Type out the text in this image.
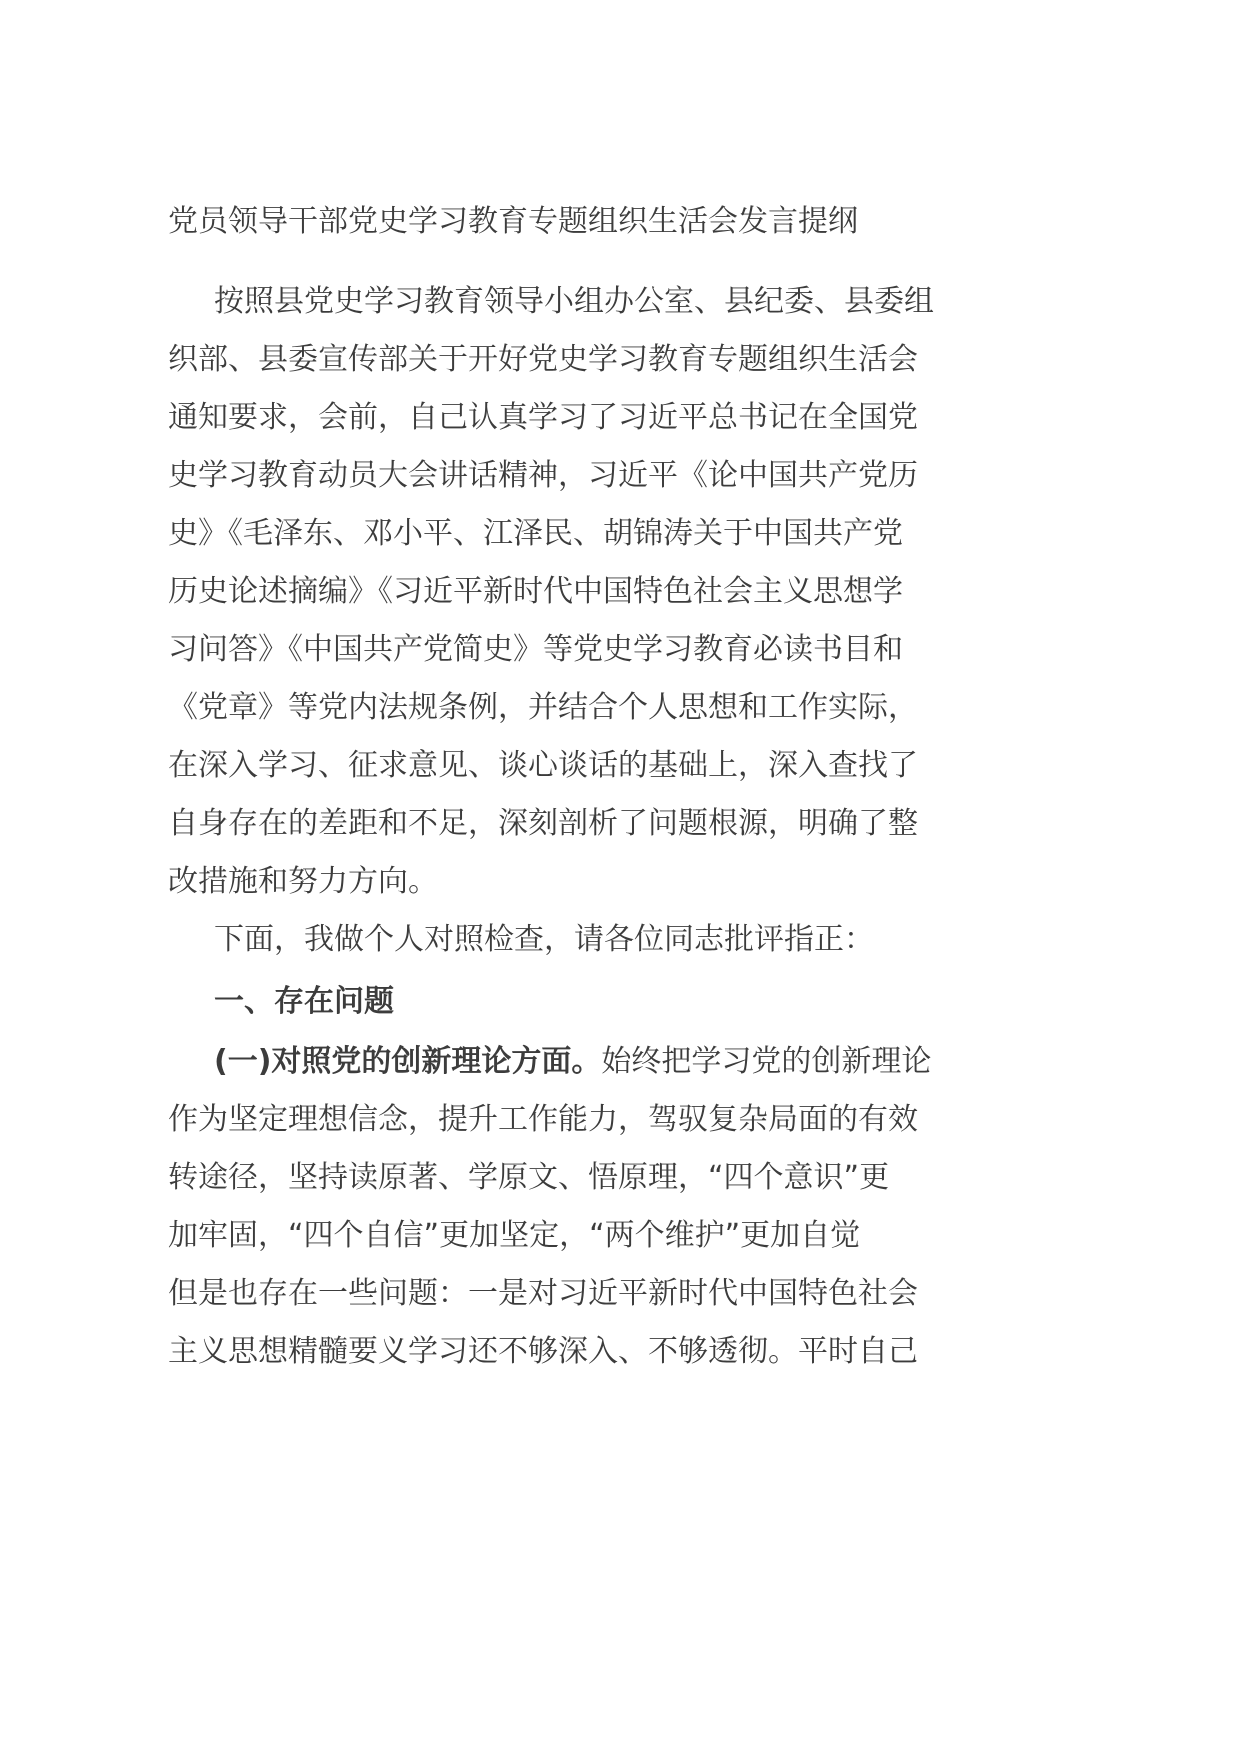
党员领导干部党史学习教育专题组织生活会发言提纲
按照县党史学习教育领导小组办公室、县纪委、县委组
织部、县委宣传部关于开好党史学习教育专题组织生活会
通知要求，会前，自己认真学习了习近平总书记在全国党
史学习教育动员大会讲话精神，习近平《论中国共产党历
史》《毛泽东、邓小平、江泽民、胡锦涛关于中国共产党
历史论述摘编》《习近平新时代中国特色社会主义思想学
习问答》《中国共产党简史》等党史学习教育必读书目和
《党章》等党内法规条例，并结合个人思想和工作实际，
在深入学习、征求意见、谈心谈话的基础上，深入查找了
自身存在的差距和不足，深刻剖析了问题根源，明确了整
改措施和努力方向。
下面，我做个人对照检查，请各位同志批评指正：
一、存在问题
(一)对照党的创新理论方面。始终把学习党的创新理论
作为坚定理想信念，提升工作能力，驾驭复杂局面的有效
转途径，坚持读原著、学原文、悟原理，“四个意识”更
加牢固，“四个自信”更加坚定，“两个维护”更加自觉
但是也存在一些问题：一是对习近平新时代中国特色社会
主义思想精髓要义学习还不够深入、不够透彻。平时自己
